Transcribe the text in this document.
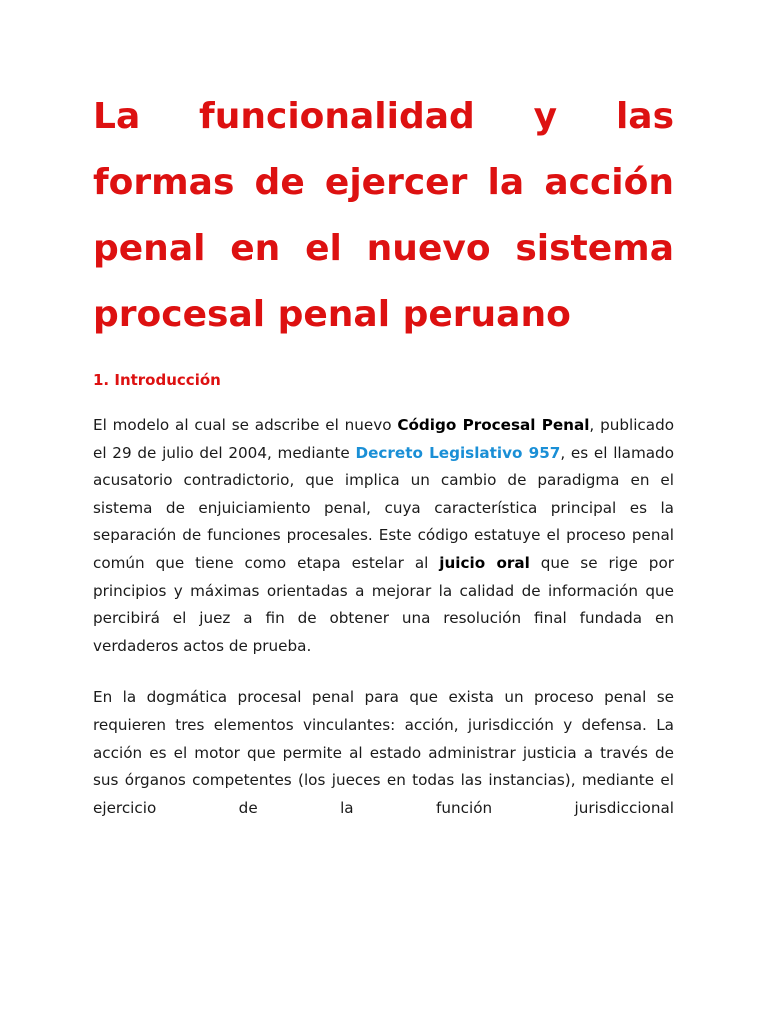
La funcionalidad y las formas de ejercer la acción penal en el nuevo sistema procesal penal peruano
1. Introducción

El modelo al cual se adscribe el nuevo Código Procesal Penal, publicado el 29 de julio del 2004, mediante Decreto Legislativo 957, es el llamado acusatorio contradictorio, que implica un cambio de paradigma en el sistema de enjuiciamiento penal, cuya característica principal es la separación de funciones procesales. Este código estatuye el proceso penal común que tiene como etapa estelar al juicio oral que se rige por principios y máximas orientadas a mejorar la calidad de información que percibirá el juez a fin de obtener una resolución final fundada en verdaderos actos de prueba.

En la dogmática procesal penal para que exista un proceso penal se requieren tres elementos vinculantes: acción, jurisdicción y defensa. La acción es el motor que permite al estado administrar justicia a través de sus órganos competentes (los jueces en todas las instancias), mediante el ejercicio de la función jurisdiccional
